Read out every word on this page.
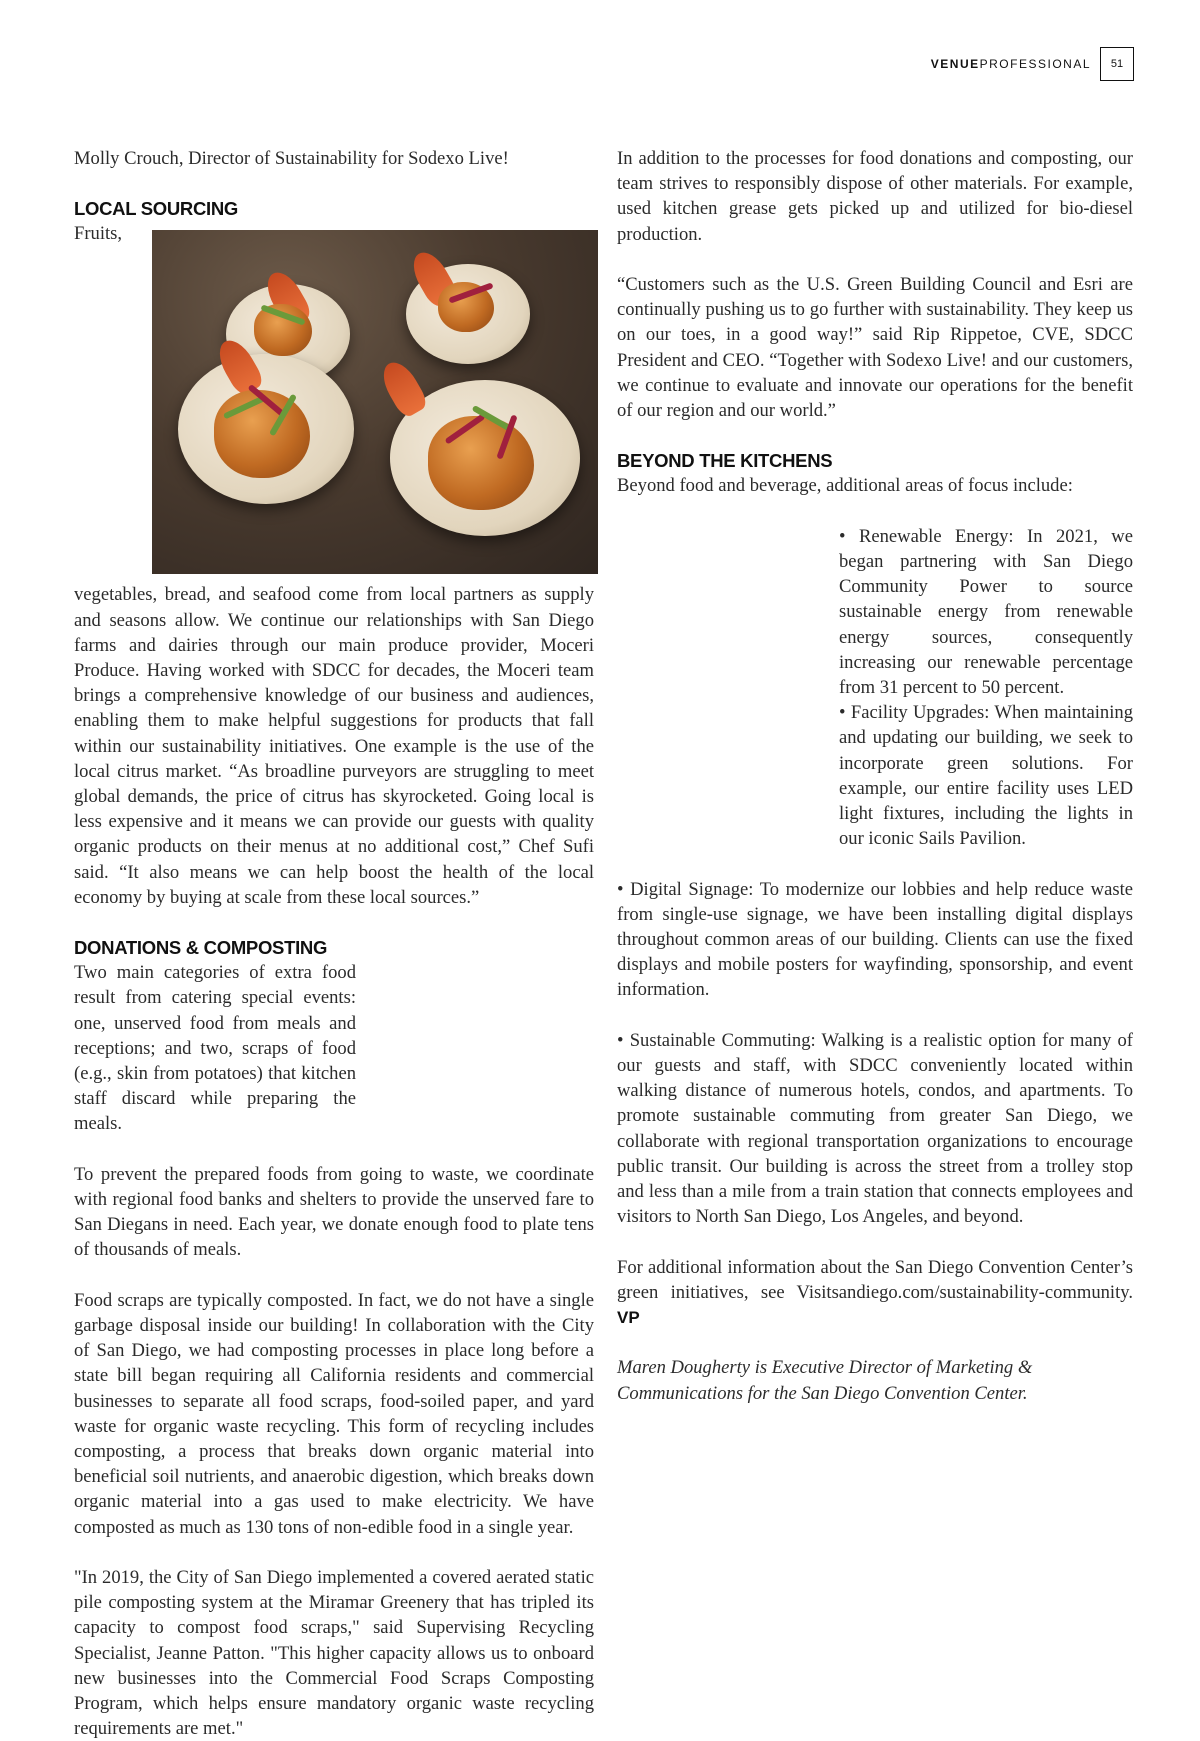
VENUEPROFESSIONAL	51

Molly Crouch, Director of Sustainability for Sodexo Live!

LOCAL SOURCING

Fruits, vegetables, bread, and seafood come from local partners as supply and seasons allow. We continue our relationships with San Diego farms and dairies through our main produce provider, Moceri Produce. Having worked with SDCC for decades, the Moceri team brings a comprehensive knowledge of our business and audiences, enabling them to make helpful suggestions for products that fall within our sustainability initiatives. One example is the use of the local citrus market. “As broadline purveyors are struggling to meet global demands, the price of citrus has skyrocketed. Going local is less expensive and it means we can provide our guests with quality organic products on their menus at no additional cost,” Chef Sufi said. “It also means we can help boost the health of the local economy by buying at scale from these local sources.”

DONATIONS & COMPOSTING

Two main categories of extra food result from catering special events: one, unserved food from meals and receptions; and two, scraps of food (e.g., skin from potatoes) that kitchen staff discard while preparing the meals.

To prevent the prepared foods from going to waste, we coordinate with regional food banks and shelters to provide the unserved fare to San Diegans in need. Each year, we donate enough food to plate tens of thousands of meals.

Food scraps are typically composted. In fact, we do not have a single garbage disposal inside our building! In collaboration with the City of San Diego, we had composting processes in place long before a state bill began requiring all California residents and commercial businesses to separate all food scraps, food-soiled paper, and yard waste for organic waste recycling. This form of recycling includes composting, a process that breaks down organic material into beneficial soil nutrients, and anaerobic digestion, which breaks down organic material into a gas used to make electricity. We have composted as much as 130 tons of non-edible food in a single year.

"In 2019, the City of San Diego implemented a covered aerated static pile composting system at the Miramar Greenery that has tripled its capacity to compost food scraps," said Supervising Recycling Specialist, Jeanne Patton. "This higher capacity allows us to onboard new businesses into the Commercial Food Scraps Composting Program, which helps ensure mandatory organic waste recycling requirements are met."

In addition to the processes for food donations and composting, our team strives to responsibly dispose of other materials. For example, used kitchen grease gets picked up and utilized for bio-diesel production.

“Customers such as the U.S. Green Building Council and Esri are continually pushing us to go further with sustainability. They keep us on our toes, in a good way!” said Rip Rippetoe, CVE, SDCC President and CEO. “Together with Sodexo Live! and our customers, we continue to evaluate and innovate our operations for the benefit of our region and our world.”

BEYOND THE KITCHENS

Beyond food and beverage, additional areas of focus include:

• Renewable Energy: In 2021, we began partnering with San Diego Community Power to source sustainable energy from renewable energy sources, consequently increasing our renewable percentage from 31 percent to 50 percent.

• Facility Upgrades: When maintaining and updating our building, we seek to incorporate green solutions. For example, our entire facility uses LED light fixtures, including the lights in our iconic Sails Pavilion.

• Digital Signage: To modernize our lobbies and help reduce waste from single-use signage, we have been installing digital displays throughout common areas of our building. Clients can use the fixed displays and mobile posters for wayfinding, sponsorship, and event information.

• Sustainable Commuting: Walking is a realistic option for many of our guests and staff, with SDCC conveniently located within walking distance of numerous hotels, condos, and apartments. To promote sustainable commuting from greater San Diego, we collaborate with regional transportation organizations to encourage public transit. Our building is across the street from a trolley stop and less than a mile from a train station that connects employees and visitors to North San Diego, Los Angeles, and beyond.

For additional information about the San Diego Convention Center’s green initiatives, see Visitsandiego.com/sustainability-community. VP

Maren Dougherty is Executive Director of Marketing & Communications for the San Diego Convention Center.
